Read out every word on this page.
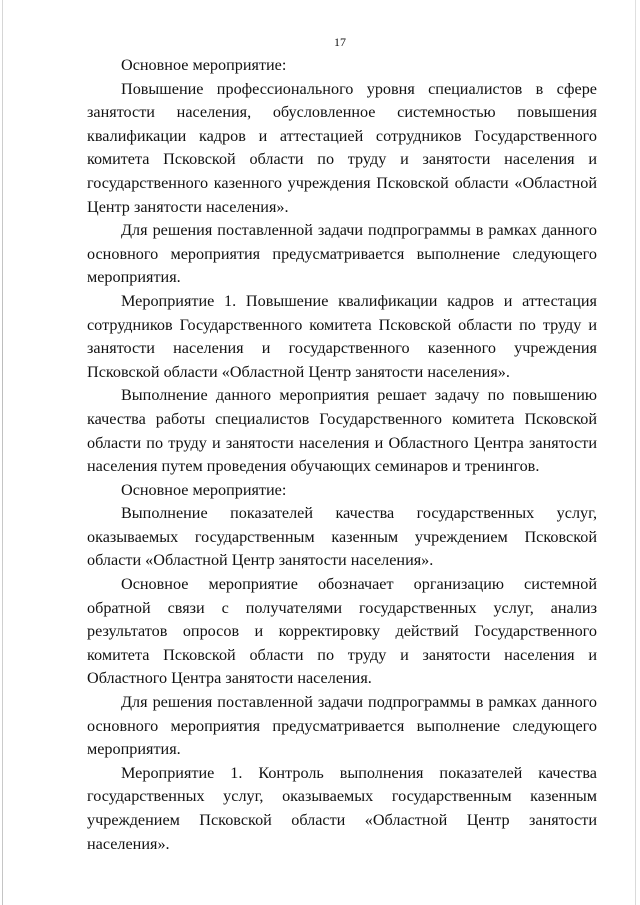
17

Основное мероприятие:

Повышение профессионального уровня специалистов в сфере занятости населения, обусловленное системностью повышения квалификации кадров и аттестацией сотрудников Государственного комитета Псковской области по труду и занятости населения и государственного казенного учреждения Псковской области «Областной Центр занятости населения».

Для решения поставленной задачи подпрограммы в рамках данного основного мероприятия предусматривается выполнение следующего мероприятия.

Мероприятие 1. Повышение квалификации кадров и аттестация сотрудников Государственного комитета Псковской области по труду и занятости населения и государственного казенного учреждения Псковской области «Областной Центр занятости населения».

Выполнение данного мероприятия решает задачу по повышению качества работы специалистов Государственного комитета Псковской области по труду и занятости населения и Областного Центра занятости населения путем проведения обучающих семинаров и тренингов.

Основное мероприятие:

Выполнение показателей качества государственных услуг, оказываемых государственным казенным учреждением Псковской области «Областной Центр занятости населения».

Основное мероприятие обозначает организацию системной обратной связи с получателями государственных услуг, анализ результатов опросов и корректировку действий Государственного комитета Псковской области по труду и занятости населения и Областного Центра занятости населения.

Для решения поставленной задачи подпрограммы в рамках данного основного мероприятия предусматривается выполнение следующего мероприятия.

Мероприятие 1. Контроль выполнения показателей качества государственных услуг, оказываемых государственным казенным учреждением Псковской области «Областной Центр занятости населения».
